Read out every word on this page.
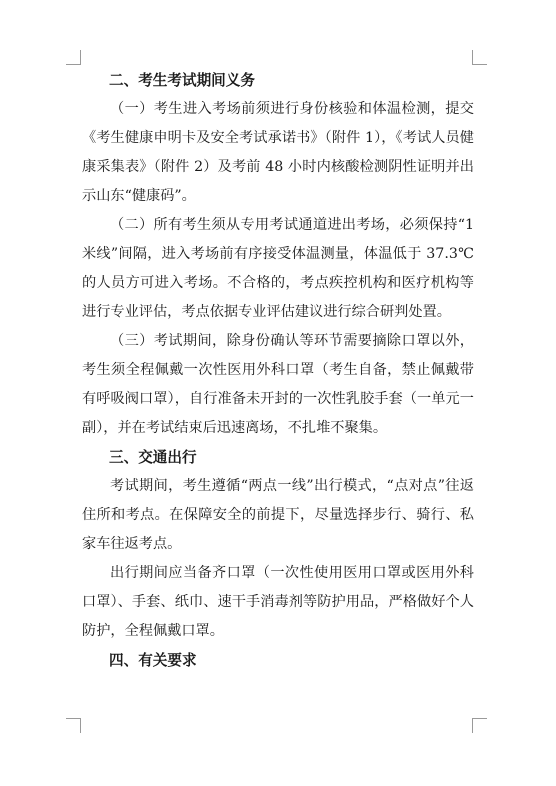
二、考生考试期间义务

（一）考生进入考场前须进行身份核验和体温检测，提交《考生健康申明卡及安全考试承诺书》（附件 1），《考试人员健康采集表》（附件 2）及考前 48 小时内核酸检测阴性证明并出示山东“健康码”。

（二）所有考生须从专用考试通道进出考场，必须保持“1 米线”间隔，进入考场前有序接受体温测量，体温低于 37.3℃的人员方可进入考场。不合格的，考点疾控机构和医疗机构等进行专业评估，考点依据专业评估建议进行综合研判处置。

（三）考试期间，除身份确认等环节需要摘除口罩以外，考生须全程佩戴一次性医用外科口罩（考生自备，禁止佩戴带有呼吸阀口罩），自行准备未开封的一次性乳胶手套（一单元一副），并在考试结束后迅速离场，不扎堆不聚集。

三、交通出行

考试期间，考生遵循“两点一线”出行模式，“点对点”往返住所和考点。在保障安全的前提下，尽量选择步行、骑行、私家车往返考点。

出行期间应当备齐口罩（一次性使用医用口罩或医用外科口罩）、手套、纸巾、速干手消毒剂等防护用品，严格做好个人防护，全程佩戴口罩。

四、有关要求
